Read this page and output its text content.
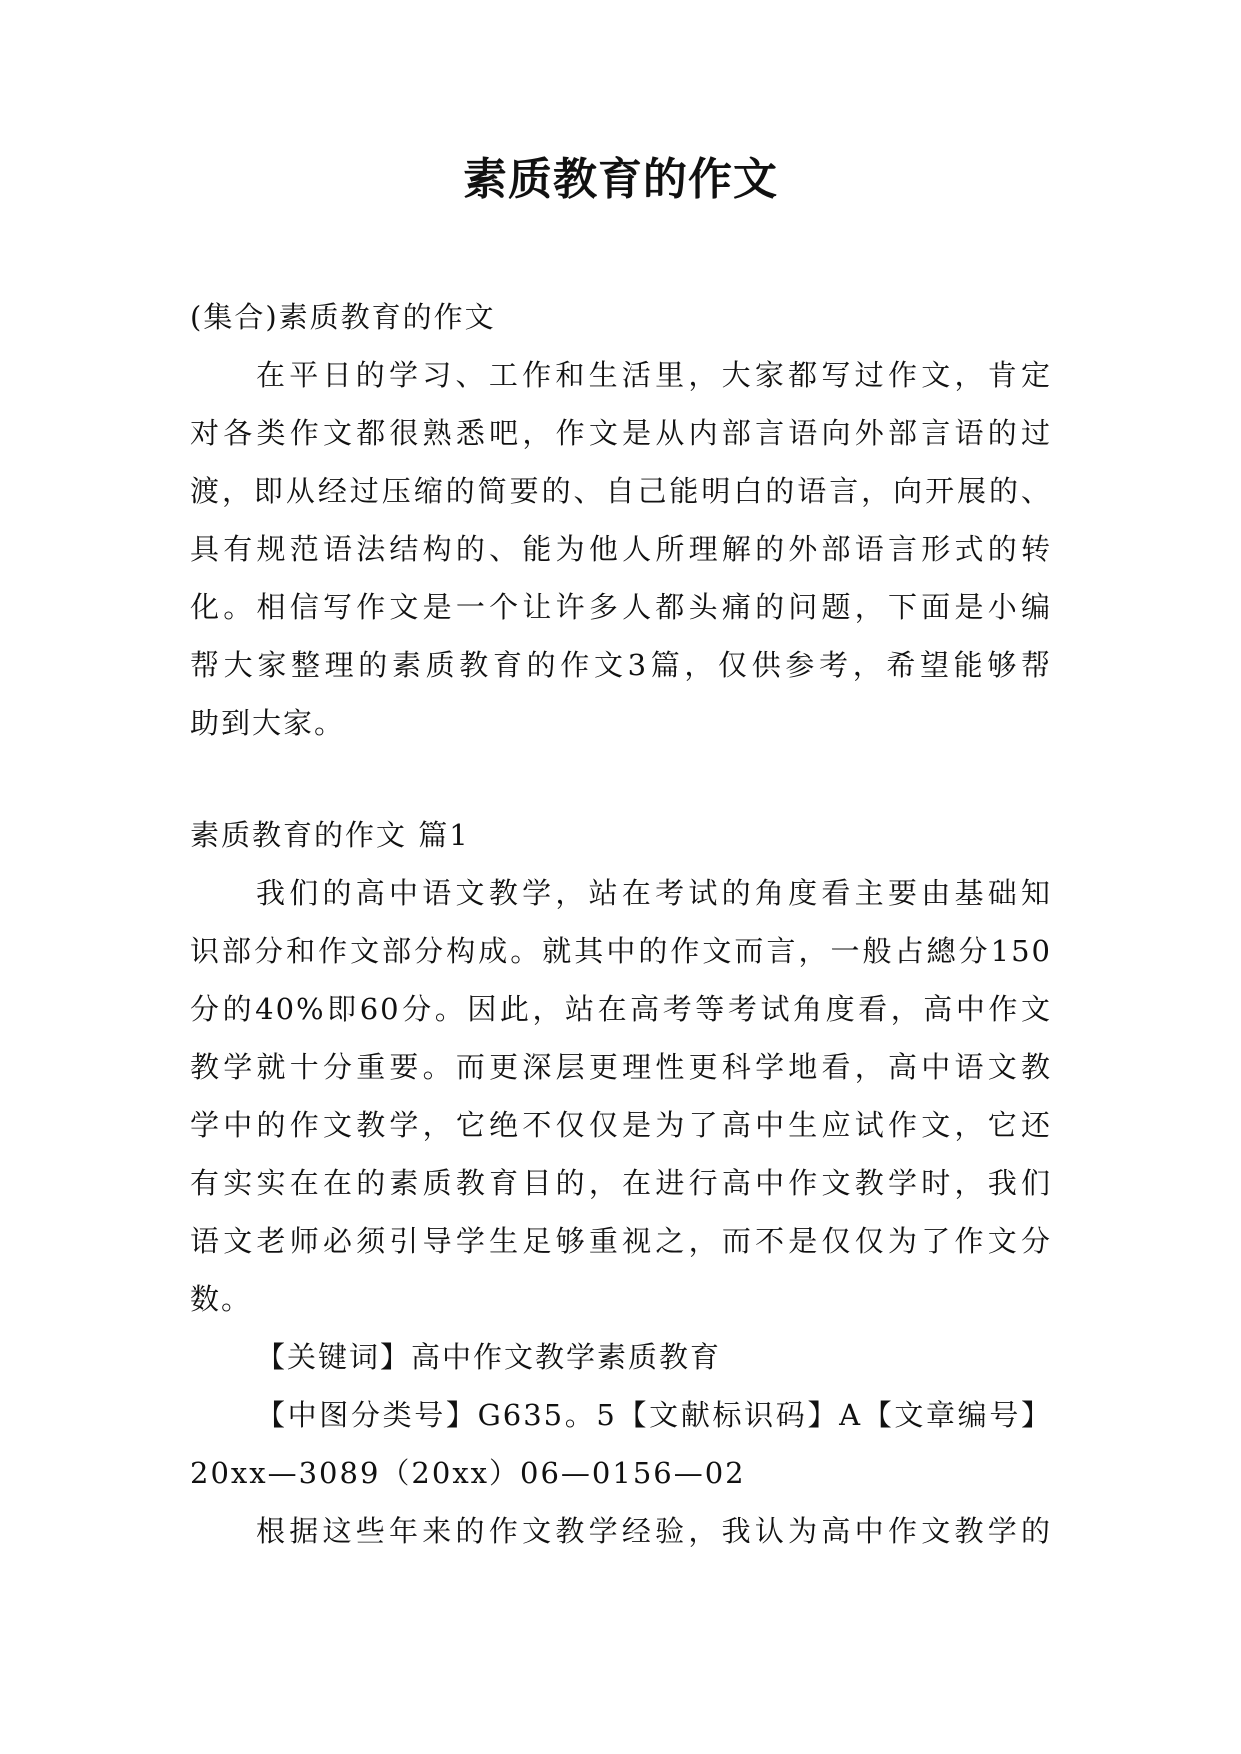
素质教育的作文

(集合)素质教育的作文

在平日的学习、工作和生活里，大家都写过作文，肯定

对各类作文都很熟悉吧，作文是从内部言语向外部言语的过

渡，即从经过压缩的简要的、自己能明白的语言，向开展的、

具有规范语法结构的、能为他人所理解的外部语言形式的转

化。相信写作文是一个让许多人都头痛的问题，下面是小编

帮大家整理的素质教育的作文3篇，仅供参考，希望能够帮

助到大家。

素质教育的作文 篇1

我们的高中语文教学，站在考试的角度看主要由基础知

识部分和作文部分构成。就其中的作文而言，一般占總分150

分的40%即60分。因此，站在高考等考试角度看，高中作文

教学就十分重要。而更深层更理性更科学地看，高中语文教

学中的作文教学，它绝不仅仅是为了高中生应试作文，它还

有实实在在的素质教育目的，在进行高中作文教学时，我们

语文老师必须引导学生足够重视之，而不是仅仅为了作文分

数。

【关键词】高中作文教学素质教育

【中图分类号】G635。5【文献标识码】A【文章编号】

20xx—3089（20xx）06—0156—02

根据这些年来的作文教学经验，我认为高中作文教学的
